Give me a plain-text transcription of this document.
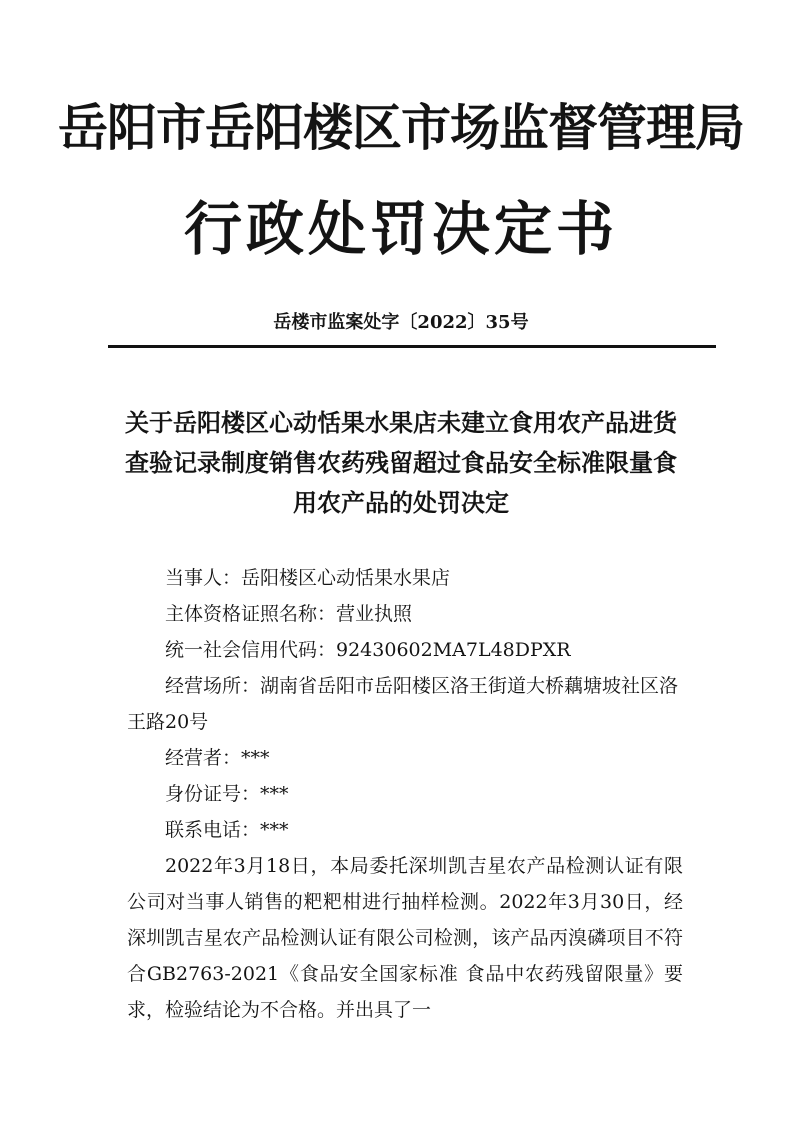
岳阳市岳阳楼区市场监督管理局
行政处罚决定书
岳楼市监案处字〔2022〕35号
关于岳阳楼区心动恬果水果店未建立食用农产品进货查验记录制度销售农药残留超过食品安全标准限量食用农产品的处罚决定

当事人：岳阳楼区心动恬果水果店

主体资格证照名称：营业执照

统一社会信用代码：92430602MA7L48DPXR

经营场所：湖南省岳阳市岳阳楼区洛王街道大桥藕塘坡社区洛王路20号

经营者：***

身份证号：***

联系电话：***

2022年3月18日，本局委托深圳凯吉星农产品检测认证有限公司对当事人销售的粑粑柑进行抽样检测。2022年3月30日，经深圳凯吉星农产品检测认证有限公司检测，该产品丙溴磷项目不符合GB2763-2021《食品安全国家标准 食品中农药残留限量》要求，检验结论为不合格。并出具了一
